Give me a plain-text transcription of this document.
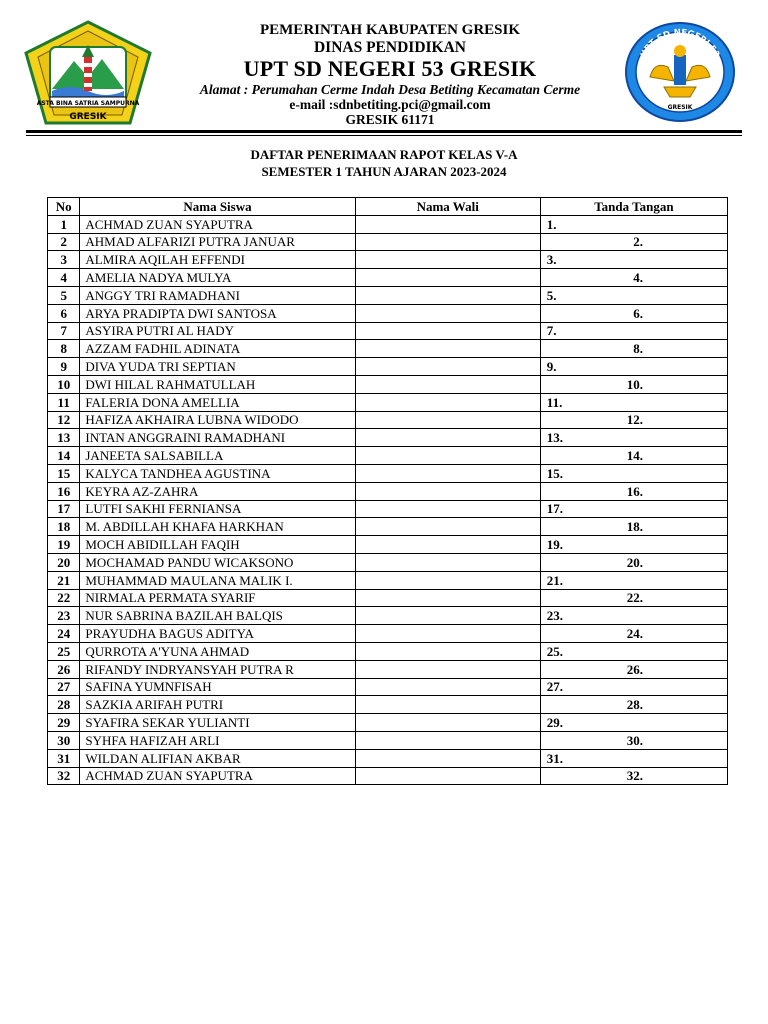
ASTA BINA SATRIA SAMPURNA
GRESIK
PEMERINTAH KABUPATEN GRESIK
DINAS PENDIDIKAN
UPT SD NEGERI 53 GRESIK
Alamat : Perumahan Cerme Indah Desa Betiting Kecamatan Cerme
e-mail :sdnbetiting.pci@gmail.com
GRESIK 61171
UPT SD NEGERI 53
GRESIK
DAFTAR PENERIMAAN RAPOT KELAS V-A
SEMESTER 1 TAHUN AJARAN 2023-2024
No	Nama Siswa	Nama Wali	Tanda Tangan
1	ACHMAD ZUAN SYAPUTRA		1.

2	AHMAD ALFARIZI PUTRA JANUAR		2.

3	ALMIRA AQILAH EFFENDI		3.

4	AMELIA NADYA MULYA		4.

5	ANGGY TRI RAMADHANI		5.

6	ARYA PRADIPTA DWI SANTOSA		6.

7	ASYIRA PUTRI AL HADY		7.

8	AZZAM FADHIL ADINATA		8.

9	DIVA YUDA TRI SEPTIAN		9.

10	DWI HILAL RAHMATULLAH		10.

11	FALERIA DONA AMELLIA		11.

12	HAFIZA AKHAIRA LUBNA WIDODO		12.

13	INTAN ANGGRAINI RAMADHANI		13.

14	JANEETA SALSABILLA		14.

15	KALYCA TANDHEA AGUSTINA		15.

16	KEYRA AZ-ZAHRA		16.

17	LUTFI SAKHI FERNIANSA		17.

18	M. ABDILLAH KHAFA HARKHAN		18.

19	MOCH ABIDILLAH FAQIH		19.

20	MOCHAMAD PANDU WICAKSONO		20.

21	MUHAMMAD MAULANA MALIK I.		21.

22	NIRMALA PERMATA SYARIF		22.

23	NUR SABRINA BAZILAH BALQIS		23.

24	PRAYUDHA BAGUS ADITYA		24.

25	QURROTA A'YUNA AHMAD		25.

26	RIFANDY INDRYANSYAH PUTRA R		26.

27	SAFINA YUMNFISAH		27.

28	SAZKIA ARIFAH PUTRI		28.

29	SYAFIRA SEKAR YULIANTI		29.

30	SYHFA HAFIZAH ARLI		30.

31	WILDAN ALIFIAN AKBAR		31.

32	ACHMAD ZUAN SYAPUTRA		32.
